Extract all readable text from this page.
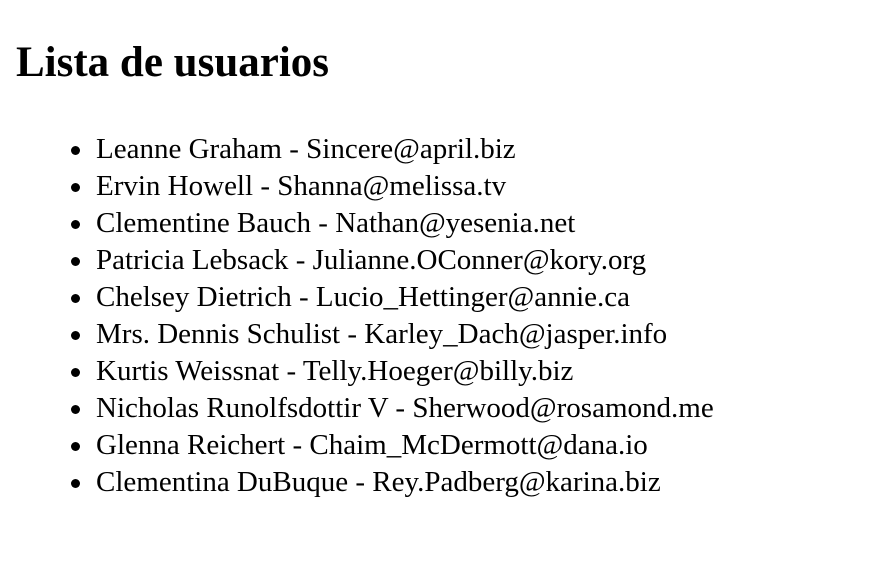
Lista de usuarios
Leanne Graham - Sincere@april.biz
Ervin Howell - Shanna@melissa.tv
Clementine Bauch - Nathan@yesenia.net
Patricia Lebsack - Julianne.OConner@kory.org
Chelsey Dietrich - Lucio_Hettinger@annie.ca
Mrs. Dennis Schulist - Karley_Dach@jasper.info
Kurtis Weissnat - Telly.Hoeger@billy.biz
Nicholas Runolfsdottir V - Sherwood@rosamond.me
Glenna Reichert - Chaim_McDermott@dana.io
Clementina DuBuque - Rey.Padberg@karina.biz
